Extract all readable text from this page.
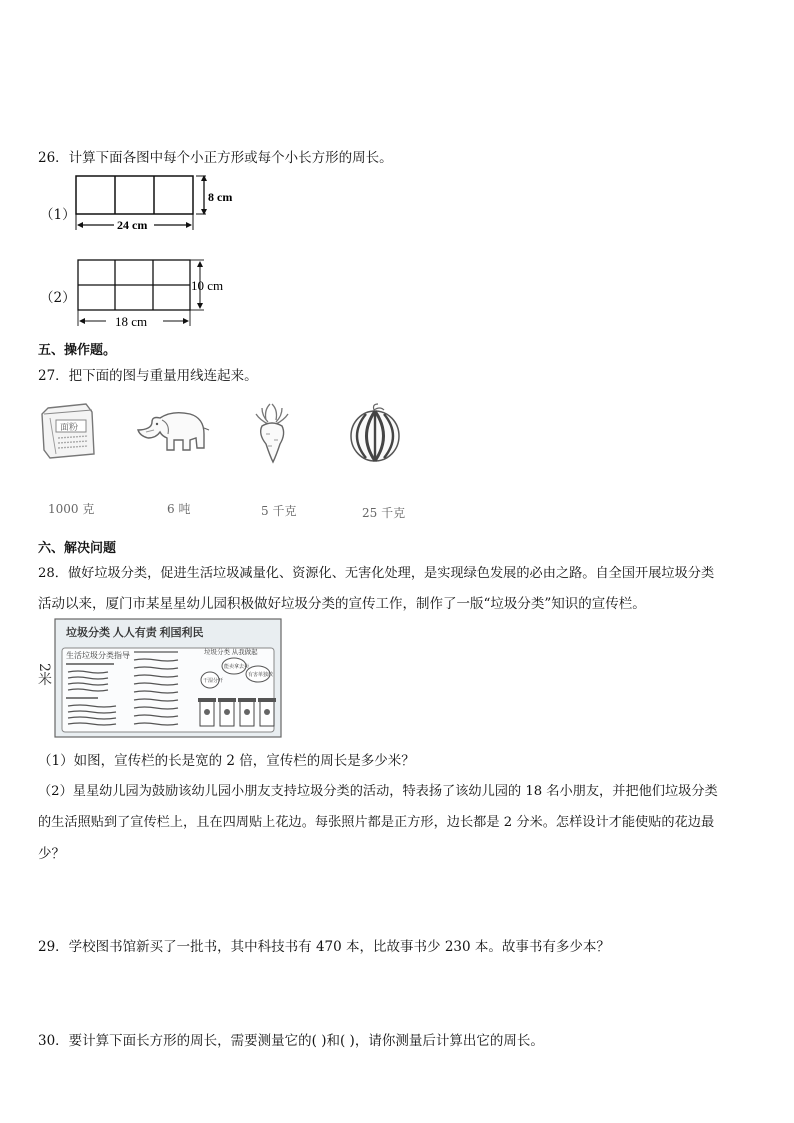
26．计算下面各图中每个小正方形或每个小长方形的周长。
（1）
8 cm
24 cm
（2）
10 cm
18 cm
五、操作题。
27．把下面的图与重量用线连起来。
面粉
1000 克	6 吨	5 千克	25 千克
六、解决问题
28．做好垃圾分类，促进生活垃圾减量化、资源化、无害化处理，是实现绿色发展的必由之路。自全国开展垃圾分类
活动以来，厦门市某星星幼儿园积极做好垃圾分类的宣传工作，制作了一版“垃圾分类”知识的宣传栏。
2米
垃圾分类 人人有责 利国利民
生活垃圾分类指导	垃圾分类 从我做起
能卖拿去卖
有害单独放
干湿分开
（1）如图，宣传栏的长是宽的 2 倍，宣传栏的周长是多少米？
（2）星星幼儿园为鼓励该幼儿园小朋友支持垃圾分类的活动，特表扬了该幼儿园的 18 名小朋友，并把他们垃圾分类
的生活照贴到了宣传栏上，且在四周贴上花边。每张照片都是正方形，边长都是 2 分米。怎样设计才能使贴的花边最
少？
29．学校图书馆新买了一批书，其中科技书有 470 本，比故事书少 230 本。故事书有多少本？
30．要计算下面长方形的周长，需要测量它的( )和( )，请你测量后计算出它的周长。
